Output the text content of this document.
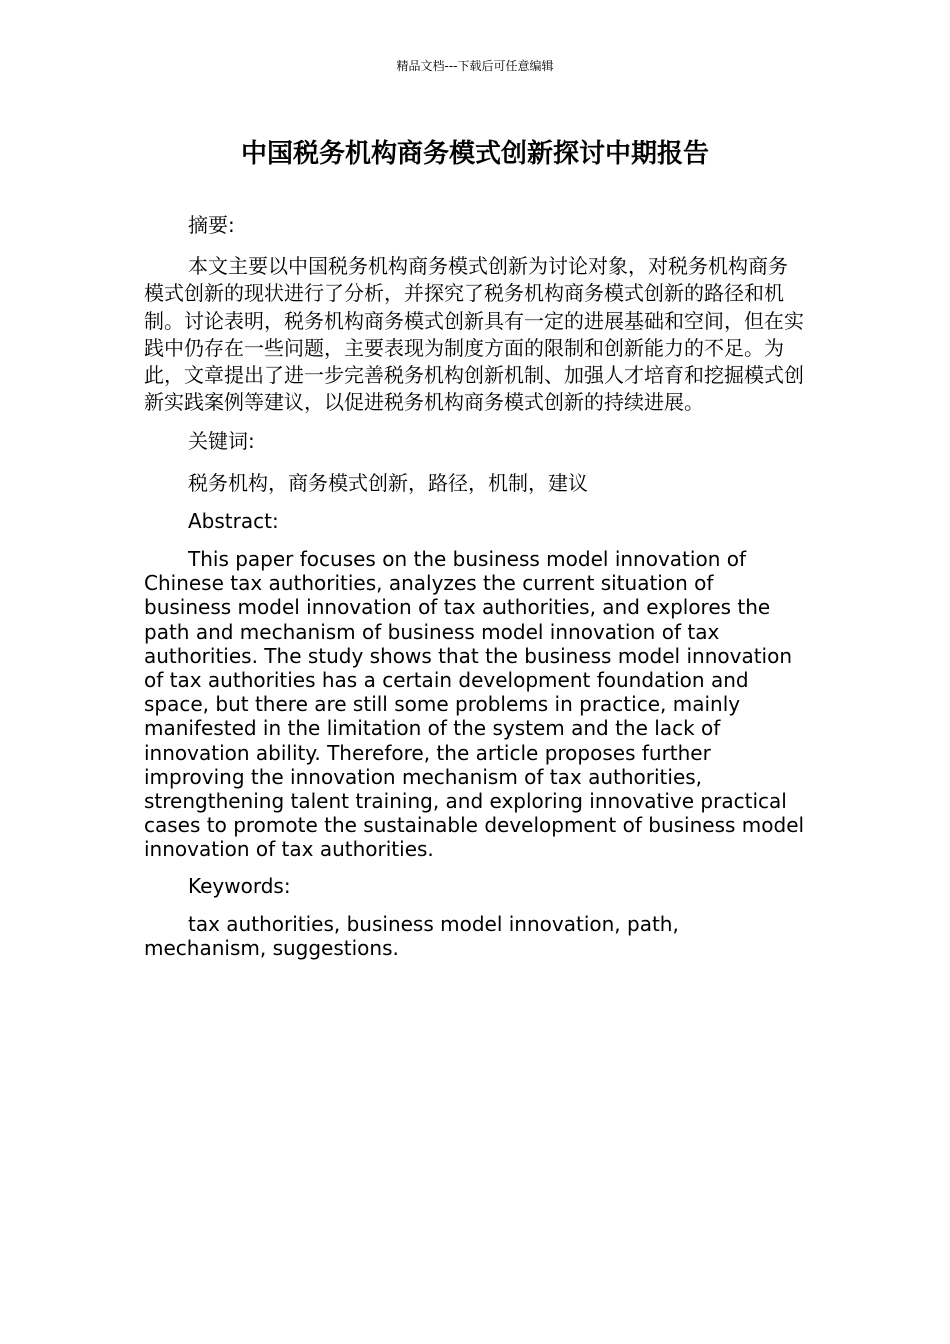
精品文档---下载后可任意编辑
中国税务机构商务模式创新探讨中期报告

摘要:

本文主要以中国税务机构商务模式创新为讨论对象，对税务机构商务模式创新的现状进行了分析，并探究了税务机构商务模式创新的路径和机制。讨论表明，税务机构商务模式创新具有一定的进展基础和空间，但在实践中仍存在一些问题，主要表现为制度方面的限制和创新能力的不足。为此，文章提出了进一步完善税务机构创新机制、加强人才培育和挖掘模式创新实践案例等建议，以促进税务机构商务模式创新的持续进展。

关键词:

税务机构，商务模式创新，路径，机制，建议

Abstract:

This paper focuses on the business model innovation of Chinese tax authorities, analyzes the current situation of business model innovation of tax authorities, and explores the path and mechanism of business model innovation of tax authorities. The study shows that the business model innovation of tax authorities has a certain development foundation and space, but there are still some problems in practice, mainly manifested in the limitation of the system and the lack of innovation ability. Therefore, the article proposes further improving the innovation mechanism of tax authorities, strengthening talent training, and exploring innovative practical cases to promote the sustainable development of business model innovation of tax authorities.

Keywords:

tax authorities, business model innovation, path, mechanism, suggestions.
